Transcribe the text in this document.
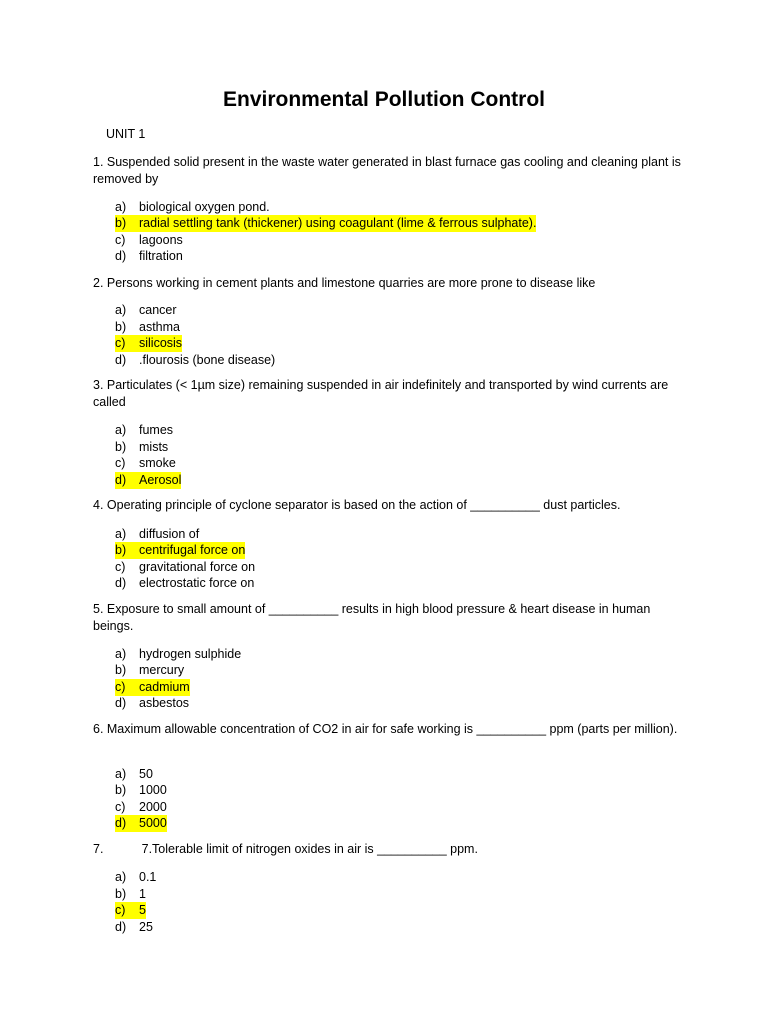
Environmental Pollution Control
UNIT 1
1. Suspended solid present in the waste water generated in blast furnace gas cooling and cleaning plant is removed by
a) biological oxygen pond.
b) radial settling tank (thickener) using coagulant (lime & ferrous sulphate).
c) lagoons
d) filtration
2. Persons working in cement plants and limestone quarries are more prone to disease like
a) cancer
b) asthma
c) silicosis
d) .flourosis (bone disease)
3. Particulates (< 1µm size) remaining suspended in air indefinitely and transported by wind currents are called
a) fumes
b) mists
c) smoke
d) Aerosol
4. Operating principle of cyclone separator is based on the action of __________ dust particles.
a) diffusion of
b) centrifugal force on
c) gravitational force on
d) electrostatic force on
5. Exposure to small amount of __________ results in high blood pressure & heart disease in human beings.
a) hydrogen sulphide
b) mercury
c) cadmium
d) asbestos
6. Maximum allowable concentration of CO2 in air for safe working is __________ ppm (parts per million).
a) 50
b) 1000
c) 2000
d) 5000
7.           7.Tolerable limit of nitrogen oxides in air is __________ ppm.
a) 0.1
b) 1
c) 5
d) 25
